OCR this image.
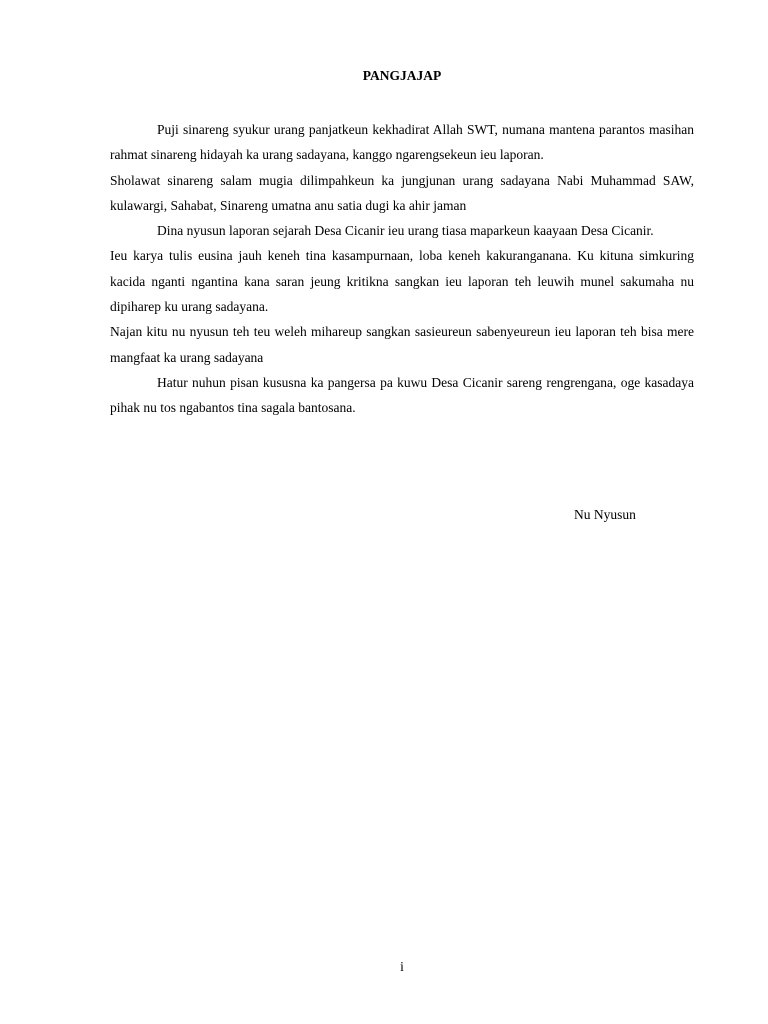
PANGJAJAP

Puji sinareng syukur urang panjatkeun kekhadirat Allah SWT, numana mantena parantos masihan rahmat sinareng hidayah ka urang sadayana, kanggo ngarengsekeun ieu laporan.

Sholawat sinareng salam mugia dilimpahkeun ka jungjunan urang sadayana Nabi Muhammad SAW, kulawargi, Sahabat, Sinareng umatna anu satia dugi ka ahir jaman

Dina nyusun laporan sejarah Desa Cicanir ieu urang tiasa maparkeun kaayaan Desa Cicanir.

Ieu karya tulis eusina jauh keneh tina kasampurnaan, loba keneh kakuranganana. Ku kituna simkuring kacida nganti ngantina kana saran jeung kritikna sangkan ieu laporan teh leuwih munel sakumaha nu dipiharep ku urang sadayana.

Najan kitu nu nyusun teh teu weleh mihareup sangkan sasieureun sabenyeureun ieu laporan teh bisa mere mangfaat ka urang sadayana

Hatur nuhun pisan kususna ka pangersa pa kuwu Desa Cicanir sareng rengrengana, oge kasadaya pihak nu tos ngabantos tina sagala bantosana.

Nu Nyusun
i
